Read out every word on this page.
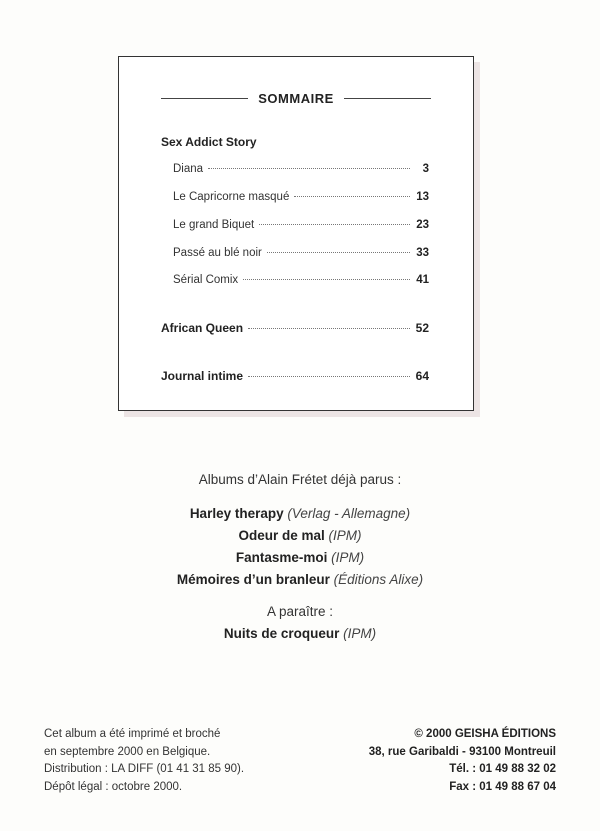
SOMMAIRE
Sex Addict Story
Diana	3
Le Capricorne masqué	13
Le grand Biquet	23
Passé au blé noir	33
Sérial Comix	41
African Queen	52
Journal intime	64
Albums d’Alain Frétet déjà parus :
Harley therapy (Verlag - Allemagne)
Odeur de mal (IPM)
Fantasme-moi (IPM)
Mémoires d’un branleur (Éditions Alixe)
A paraître :
Nuits de croqueur (IPM)
Cet album a été imprimé et broché
en septembre 2000 en Belgique.
Distribution : LA DIFF (01 41 31 85 90).
Dépôt légal : octobre 2000.
© 2000 GEISHA ÉDITIONS
38, rue Garibaldi - 93100 Montreuil
Tél. : 01 49 88 32 02
Fax : 01 49 88 67 04
